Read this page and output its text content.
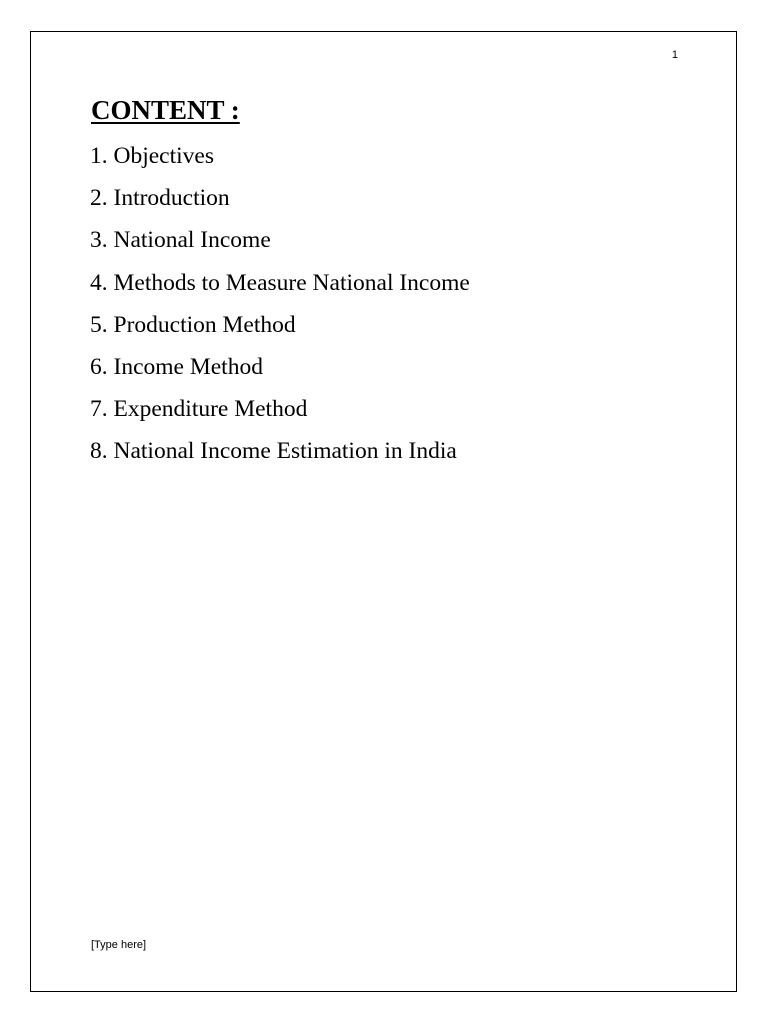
1
CONTENT :
1. Objectives
2. Introduction
3. National Income
4. Methods to Measure National Income
5. Production Method
6. Income Method
7. Expenditure Method
8. National Income Estimation in India
[Type here]
